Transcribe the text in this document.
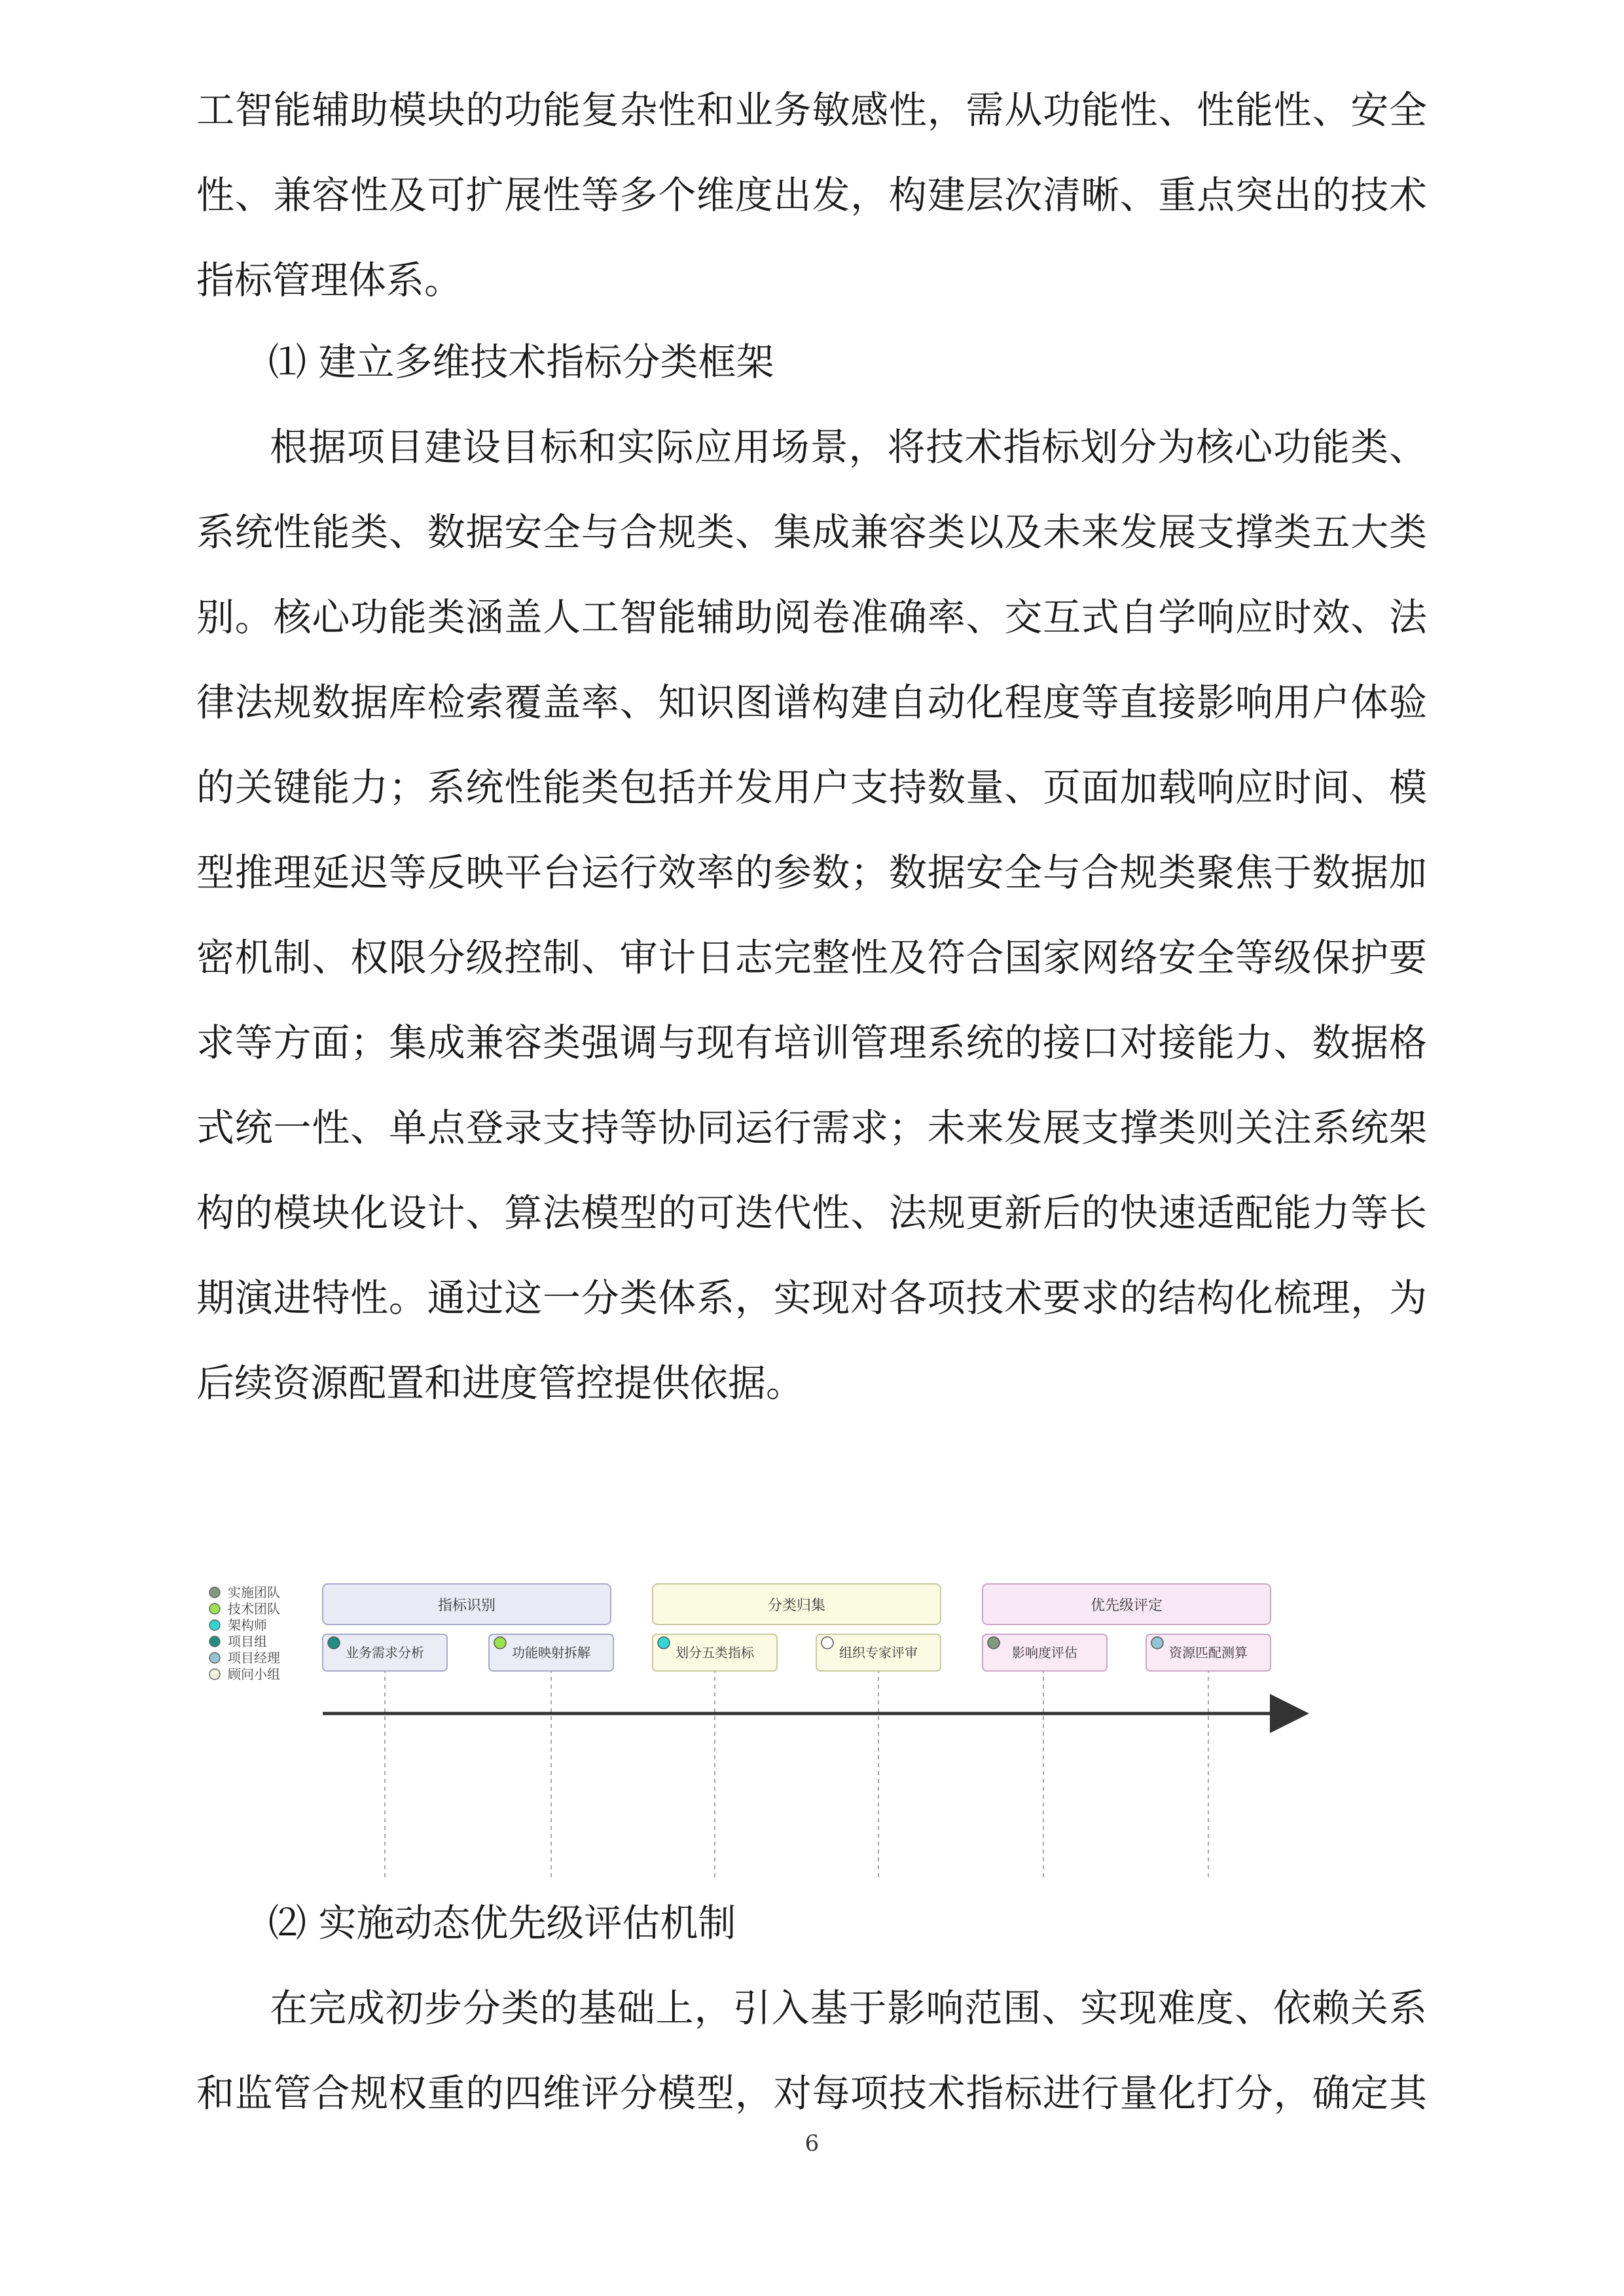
工智能辅助模块的功能复杂性和业务敏感性，需从功能性、性能性、安全
性、兼容性及可扩展性等多个维度出发，构建层次清晰、重点突出的技术
指标管理体系。
⑴ 建立多维技术指标分类框架
根据项目建设目标和实际应用场景，将技术指标划分为核心功能类、
系统性能类、数据安全与合规类、集成兼容类以及未来发展支撑类五大类
别。核心功能类涵盖人工智能辅助阅卷准确率、交互式自学响应时效、法
律法规数据库检索覆盖率、知识图谱构建自动化程度等直接影响用户体验
的关键能力；系统性能类包括并发用户支持数量、页面加载响应时间、模
型推理延迟等反映平台运行效率的参数；数据安全与合规类聚焦于数据加
密机制、权限分级控制、审计日志完整性及符合国家网络安全等级保护要
求等方面；集成兼容类强调与现有培训管理系统的接口对接能力、数据格
式统一性、单点登录支持等协同运行需求；未来发展支撑类则关注系统架
构的模块化设计、算法模型的可迭代性、法规更新后的快速适配能力等长
期演进特性。通过这一分类体系，实现对各项技术要求的结构化梳理，为
后续资源配置和进度管控提供依据。
实施团队
技术团队
架构师
项目组
项目经理
顾问小组
指标识别	分类归集	优先级评定
业务需求分析	功能映射拆解	划分五类指标	组织专家评审	影响度评估	资源匹配测算
⑵ 实施动态优先级评估机制
在完成初步分类的基础上，引入基于影响范围、实现难度、依赖关系
和监管合规权重的四维评分模型，对每项技术指标进行量化打分，确定其
6
